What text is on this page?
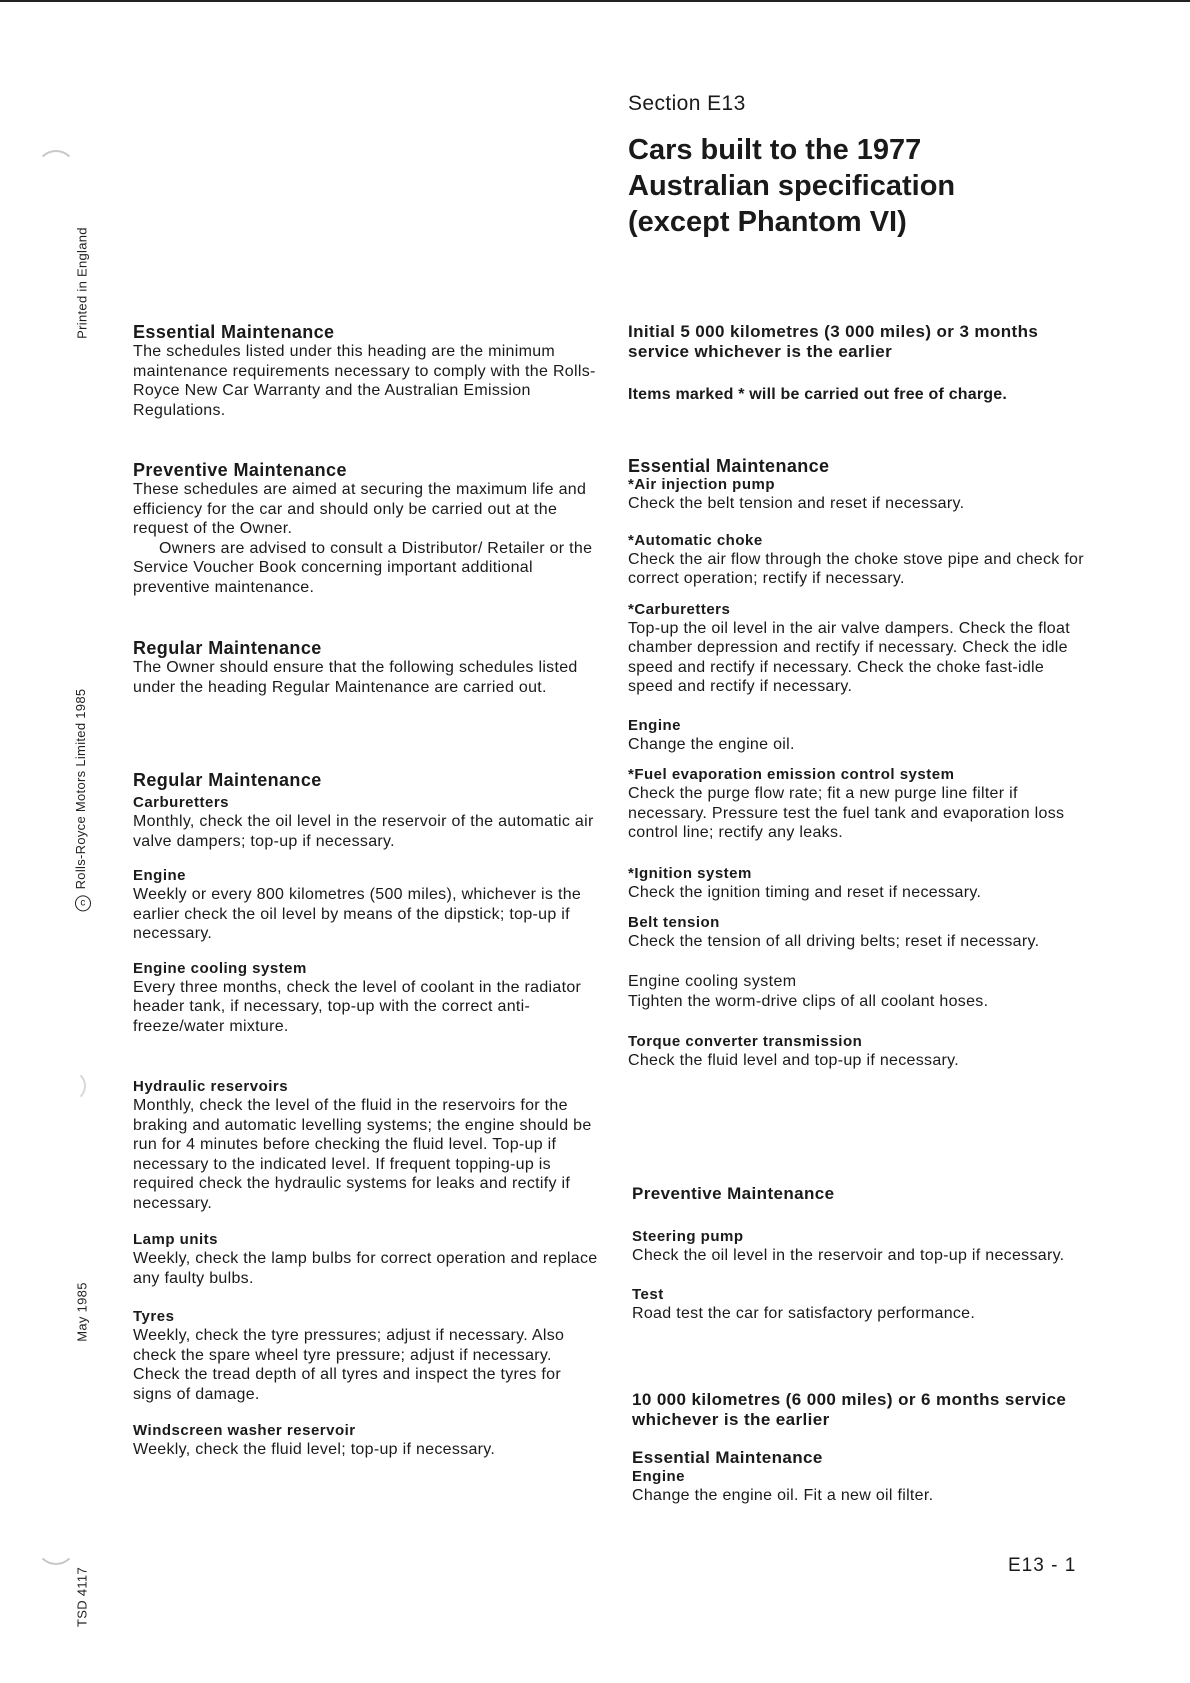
Printed in England
cRolls-Royce Motors Limited 1985
May 1985
TSD 4117
Section E13
Cars built to the 1977
Australian specification
(except Phantom VI)
Essential Maintenance

The schedules listed under this heading are the minimum maintenance requirements necessary to comply with the Rolls-Royce New Car Warranty and the Australian Emission Regulations.

Preventive Maintenance

These schedules are aimed at securing the maximum life and efficiency for the car and should only be carried out at the request of the Owner.

Owners are advised to consult a Distributor/ Retailer or the Service Voucher Book concerning important additional preventive maintenance.

Regular Maintenance

The Owner should ensure that the following schedules listed under the heading Regular Maintenance are carried out.

Regular Maintenance
Carburetters

Monthly, check the oil level in the reservoir of the automatic air valve dampers; top-up if necessary.

Engine

Weekly or every 800 kilometres (500 miles), whichever is the earlier check the oil level by means of the dipstick; top-up if necessary.

Engine cooling system

Every three months, check the level of coolant in the radiator header tank, if necessary, top-up with the correct anti-freeze/water mixture.

Hydraulic reservoirs

Monthly, check the level of the fluid in the reservoirs for the braking and automatic levelling systems; the engine should be run for 4 minutes before checking the fluid level. Top-up if necessary to the indicated level. If frequent topping-up is required check the hydraulic systems for leaks and rectify if necessary.

Lamp units

Weekly, check the lamp bulbs for correct operation and replace any faulty bulbs.

Tyres

Weekly, check the tyre pressures; adjust if necessary. Also check the spare wheel tyre pressure; adjust if necessary. Check the tread depth of all tyres and inspect the tyres for signs of damage.

Windscreen washer reservoir

Weekly, check the fluid level; top-up if necessary.

Initial 5 000 kilometres (3 000 miles) or 3 months service whichever is the earlier
Items marked * will be carried out free of charge.
Essential Maintenance
*Air injection pump

Check the belt tension and reset if necessary.

*Automatic choke

Check the air flow through the choke stove pipe and check for correct operation; rectify if necessary.

*Carburetters

Top-up the oil level in the air valve dampers. Check the float chamber depression and rectify if necessary. Check the idle speed and rectify if necessary. Check the choke fast-idle speed and rectify if necessary.

Engine

Change the engine oil.

*Fuel evaporation emission control system

Check the purge flow rate; fit a new purge line filter if necessary. Pressure test the fuel tank and evaporation loss control line; rectify any leaks.

*Ignition system

Check the ignition timing and reset if necessary.

Belt tension

Check the tension of all driving belts; reset if necessary.

Engine cooling system

Tighten the worm-drive clips of all coolant hoses.

Torque converter transmission

Check the fluid level and top-up if necessary.

Preventive Maintenance
Steering pump

Check the oil level in the reservoir and top-up if necessary.

Test

Road test the car for satisfactory performance.

10 000 kilometres (6 000 miles) or 6 months service whichever is the earlier
Essential Maintenance
Engine

Change the engine oil. Fit a new oil filter.

E13 - 1
